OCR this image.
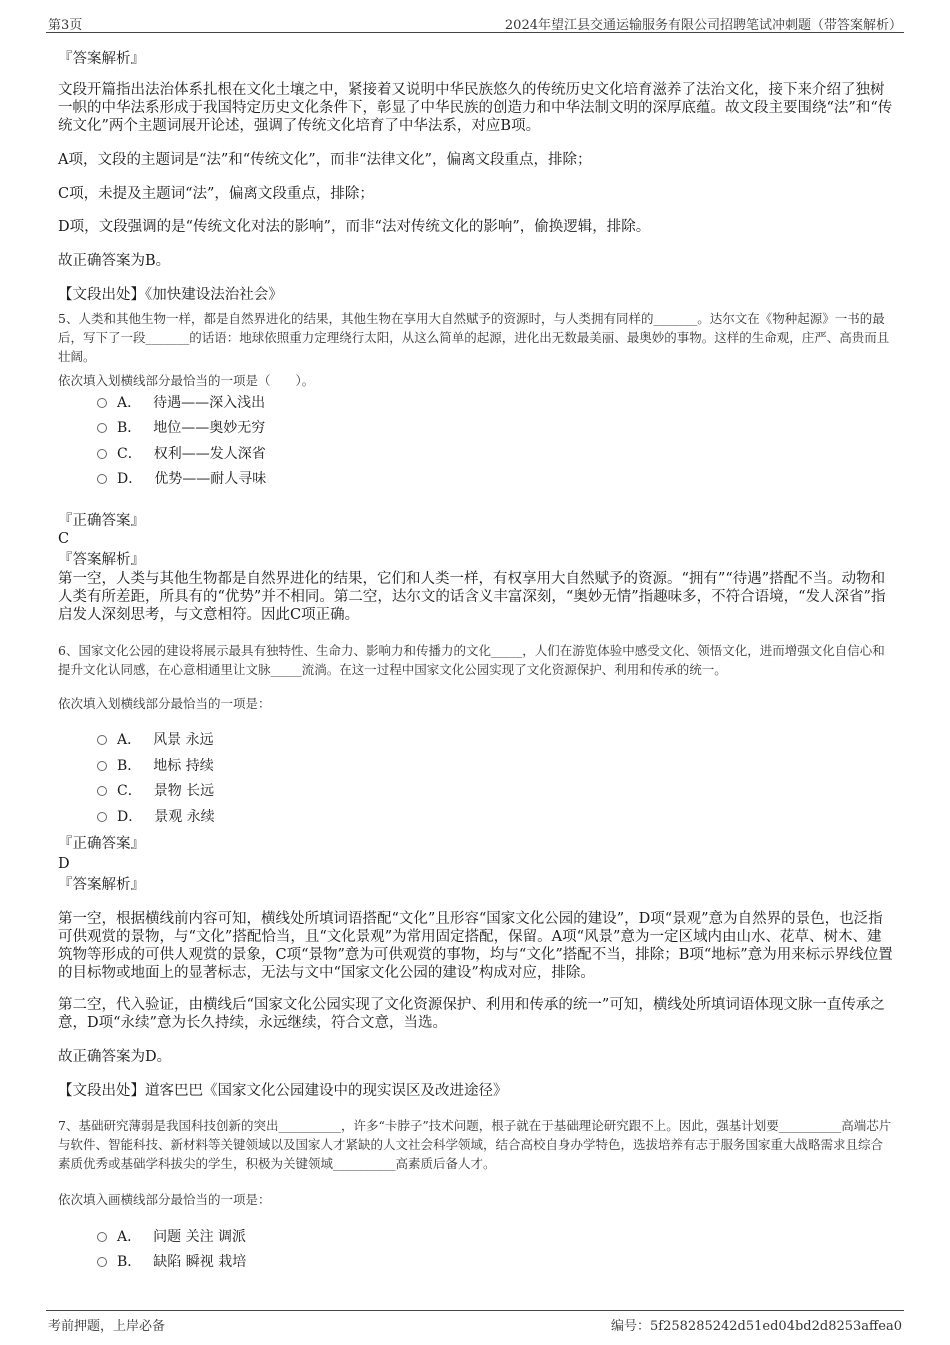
第3页	2024年望江县交通运输服务有限公司招聘笔试冲刺题（带答案解析）
『答案解析』

文段开篇指出法治体系扎根在文化土壤之中，紧接着又说明中华民族悠久的传统历史文化培育滋养了法治文化，接下来介绍了独树一帜的中华法系形成于我国特定历史文化条件下，彰显了中华民族的创造力和中华法制文明的深厚底蕴。故文段主要围绕“法”和“传统文化”两个主题词展开论述，强调了传统文化培育了中华法系，对应B项。

A项，文段的主题词是“法”和“传统文化”，而非“法律文化”，偏离文段重点，排除；

C项，未提及主题词“法”，偏离文段重点，排除；

D项，文段强调的是“传统文化对法的影响”，而非“法对传统文化的影响”，偷换逻辑，排除。

故正确答案为B。

【文段出处】《加快建设法治社会》

5、人类和其他生物一样，都是自然界进化的结果，其他生物在享用大自然赋予的资源时，与人类拥有同样的_______。达尔文在《物种起源》一书的最后，写下了一段_______的话语：地球依照重力定理绕行太阳，从这么简单的起源，进化出无数最美丽、最奥妙的事物。这样的生命观，庄严、高贵而且壮阔。

依次填入划横线部分最恰当的一项是（　　）。

A． 待遇——深入浅出
B． 地位——奥妙无穷
C． 权利——发人深省
D． 优势——耐人寻味
『正确答案』
C
『答案解析』

第一空，人类与其他生物都是自然界进化的结果，它们和人类一样，有权享用大自然赋予的资源。“拥有”“待遇”搭配不当。动物和人类有所差距，所具有的“优势”并不相同。第二空，达尔文的话含义丰富深刻，“奥妙无情”指趣味多，不符合语境，“发人深省”指启发人深刻思考，与文意相符。因此C项正确。

6、国家文化公园的建设将展示最具有独特性、生命力、影响力和传播力的文化_____，人们在游览体验中感受文化、领悟文化，进而增强文化自信心和提升文化认同感，在心意相通里让文脉_____流淌。在这一过程中国家文化公园实现了文化资源保护、利用和传承的统一。

依次填入划横线部分最恰当的一项是：

A． 风景 永远
B． 地标 持续
C． 景物 长远
D． 景观 永续
『正确答案』
D
『答案解析』

第一空，根据横线前内容可知，横线处所填词语搭配“文化”且形容“国家文化公园的建设”，D项“景观”意为自然界的景色，也泛指可供观赏的景物，与“文化”搭配恰当，且“文化景观”为常用固定搭配，保留。A项“风景”意为一定区域内由山水、花草、树木、建筑物等形成的可供人观赏的景象，C项“景物”意为可供观赏的事物，均与“文化”搭配不当，排除；B项“地标”意为用来标示界线位置的目标物或地面上的显著标志，无法与文中“国家文化公园的建设”构成对应，排除。

第二空，代入验证，由横线后“国家文化公园实现了文化资源保护、利用和传承的统一”可知，横线处所填词语体现文脉一直传承之意，D项“永续”意为长久持续，永远继续，符合文意，当选。

故正确答案为D。

【文段出处】道客巴巴《国家文化公园建设中的现实误区及改进途径》

7、基础研究薄弱是我国科技创新的突出__________，许多“卡脖子”技术问题，根子就在于基础理论研究跟不上。因此，强基计划要__________高端芯片与软件、智能科技、新材料等关键领域以及国家人才紧缺的人文社会科学领域，结合高校自身办学特色，选拔培养有志于服务国家重大战略需求且综合素质优秀或基础学科拔尖的学生，积极为关键领域__________高素质后备人才。

依次填入画横线部分最恰当的一项是：

A． 问题 关注 调派
B． 缺陷 瞬视 栽培
考前押题，上岸必备	编号：5f258285242d51ed04bd2d8253affea0
